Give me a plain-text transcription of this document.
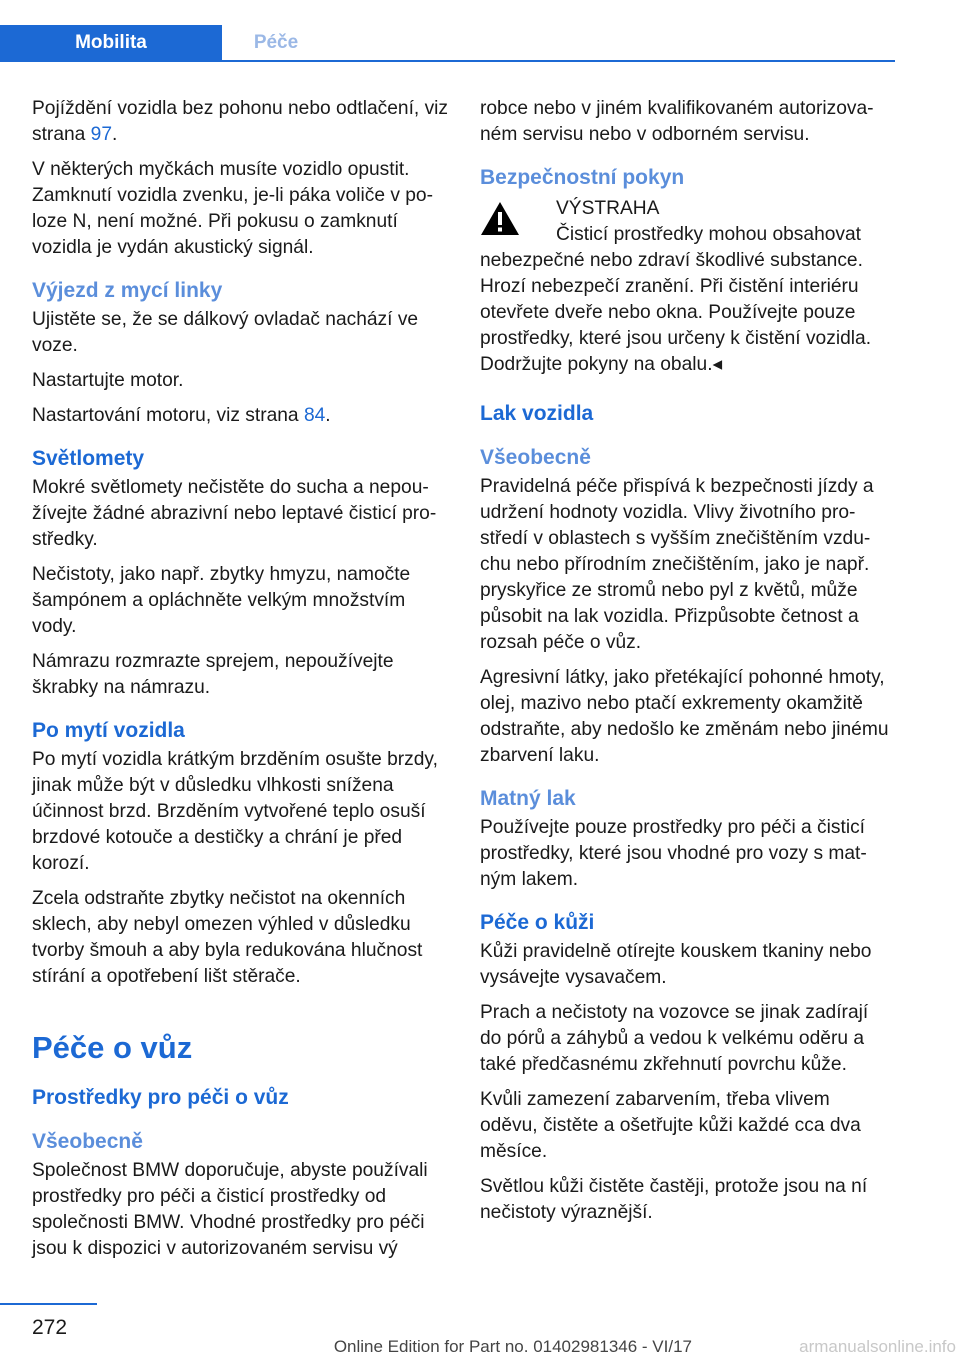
Mobilita	Péče

Pojíždění vozidla bez pohonu nebo odtlačení, viz strana 97.

V některých myčkách musíte vozidlo opustit. Zamknutí vozidla zvenku, je-li páka voliče v poloze N, není možné. Při pokusu o zamknutí vozidla je vydán akustický signál.

Výjezd z mycí linky

Ujistěte se, že se dálkový ovladač nachází ve voze.

Nastartujte motor.

Nastartování motoru, viz strana 84.

Světlomety

Mokré světlomety nečistěte do sucha a nepoužívejte žádné abrazivní nebo leptavé čisticí prostředky.

Nečistoty, jako např. zbytky hmyzu, namočte šampónem a opláchněte velkým množstvím vody.

Námrazu rozmrazte sprejem, nepoužívejte škrabky na námrazu.

Po mytí vozidla

Po mytí vozidla krátkým brzděním osušte brzdy, jinak může být v důsledku vlhkosti snížena účinnost brzd. Brzděním vytvořené teplo osuší brzdové kotouče a destičky a chrání je před korozí.

Zcela odstraňte zbytky nečistot na okenních sklech, aby nebyl omezen výhled v důsledku tvorby šmouh a aby byla redukována hlučnost stírání a opotřebení lišt stěrače.

Péče o vůz
Prostředky pro péči o vůz
Všeobecně

Společnost BMW doporučuje, abyste používali prostředky pro péči a čisticí prostředky od společnosti BMW. Vhodné prostředky pro péči jsou k dispozici v autorizovaném servisu vý

robce nebo v jiném kvalifikovaném autorizovaném servisu nebo v odborném servisu.

Bezpečnostní pokyn

VÝSTRAHA

Čisticí prostředky mohou obsahovat nebezpečné nebo zdraví škodlivé substance. Hrozí nebezpečí zranění. Při čistění interiéru otevřete dveře nebo okna. Používejte pouze prostředky, které jsou určeny k čistění vozidla. Dodržujte pokyny na obalu.◂

Lak vozidla
Všeobecně

Pravidelná péče přispívá k bezpečnosti jízdy a udržení hodnoty vozidla. Vlivy životního prostředí v oblastech s vyšším znečištěním vzduchu nebo přírodním znečištěním, jako je např. pryskyřice ze stromů nebo pyl z květů, může působit na lak vozidla. Přizpůsobte četnost a rozsah péče o vůz.

Agresivní látky, jako přetékající pohonné hmoty, olej, mazivo nebo ptačí exkrementy okamžitě odstraňte, aby nedošlo ke změnám nebo jinému zbarvení laku.

Matný lak

Používejte pouze prostředky pro péči a čisticí prostředky, které jsou vhodné pro vozy s matným lakem.

Péče o kůži

Kůži pravidelně otírejte kouskem tkaniny nebo vysávejte vysavačem.

Prach a nečistoty na vozovce se jinak zadírají do pórů a záhybů a vedou k velkému oděru a také předčasnému zkřehnutí povrchu kůže.

Kvůli zamezení zabarvením, třeba vlivem oděvu, čistěte a ošetřujte kůži každé cca dva měsíce.

Světlou kůži čistěte častěji, protože jsou na ní nečistoty výraznější.

272
Online Edition for Part no. 01402981346 - VI/17	armanualsonline.info
